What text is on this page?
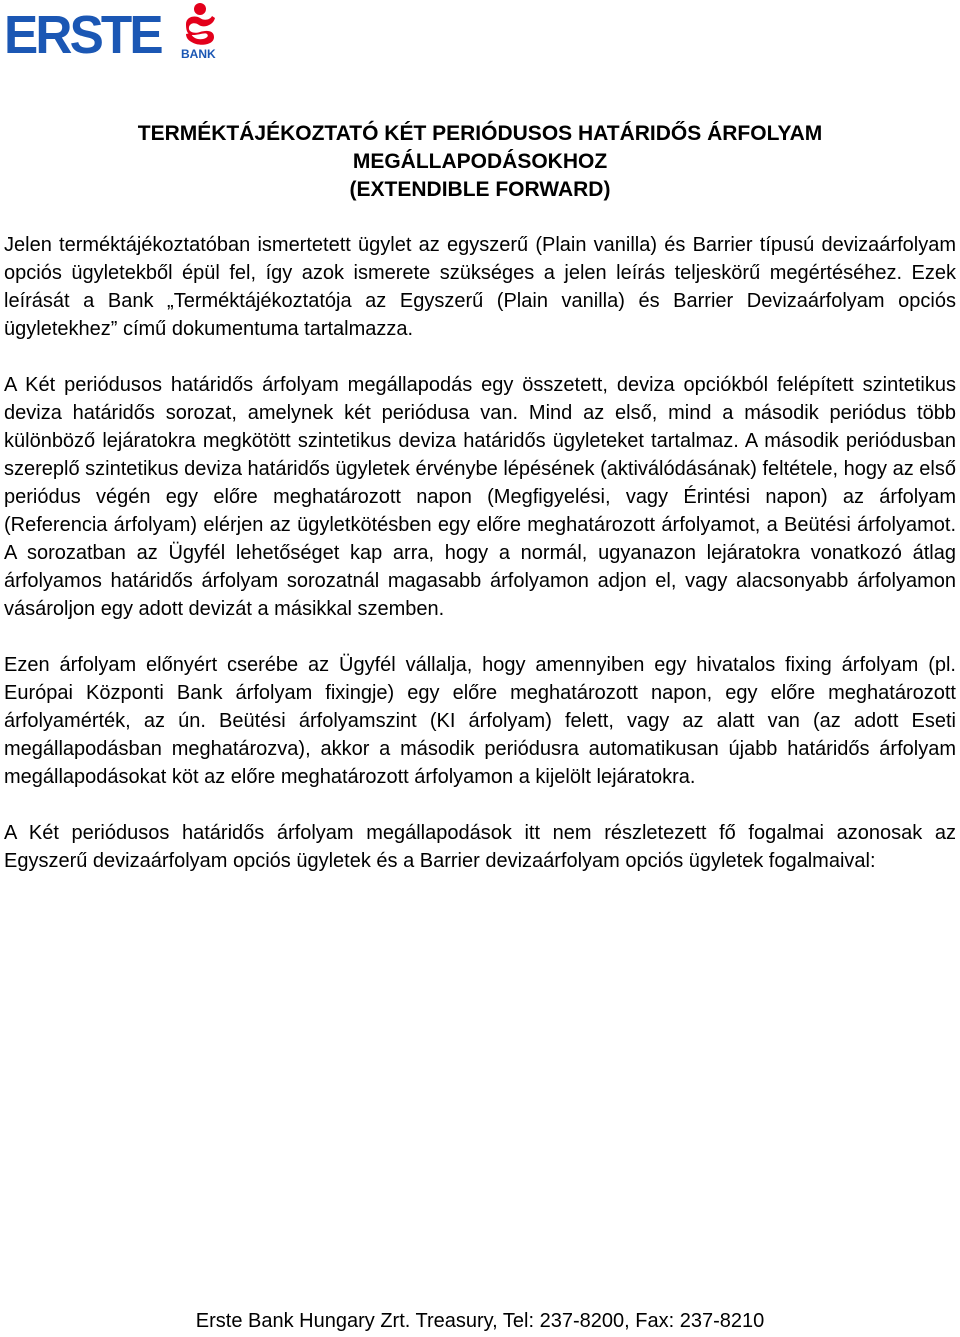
ERSTE BANK
TERMÉKTÁJÉKOZTATÓ KÉT PERIÓDUSOS HATÁRIDŐS ÁRFOLYAM
MEGÁLLAPODÁSOKHOZ
(EXTENDIBLE FORWARD)

Jelen terméktájékoztatóban ismertetett ügylet az egyszerű (Plain vanilla) és Barrier típusú devizaárfolyam opciós ügyletekből épül fel, így azok ismerete szükséges a jelen leírás teljeskörű megértéséhez. Ezek leírását a Bank „Terméktájékoztatója az Egyszerű (Plain vanilla) és Barrier Devizaárfolyam opciós ügyletekhez” című dokumentuma tartalmazza.

A Két periódusos határidős árfolyam megállapodás egy összetett, deviza opciókból felépített szintetikus deviza határidős sorozat, amelynek két periódusa van. Mind az első, mind a második periódus több különböző lejáratokra megkötött szintetikus deviza határidős ügyleteket tartalmaz. A második periódusban szereplő szintetikus deviza határidős ügyletek érvénybe lépésének (aktiválódásának) feltétele, hogy az első periódus végén egy előre meghatározott napon (Megfigyelési, vagy Érintési napon) az árfolyam (Referencia árfolyam) elérjen az ügyletkötésben egy előre meghatározott árfolyamot, a Beütési árfolyamot. A sorozatban az Ügyfél lehetőséget kap arra, hogy a normál, ugyanazon lejáratokra vonatkozó átlag árfolyamos határidős árfolyam sorozatnál magasabb árfolyamon adjon el, vagy alacsonyabb árfolyamon vásároljon egy adott devizát a másikkal szemben.

Ezen árfolyam előnyért cserébe az Ügyfél vállalja, hogy amennyiben egy hivatalos fixing árfolyam (pl. Európai Központi Bank árfolyam fixingje) egy előre meghatározott napon, egy előre meghatározott árfolyamérték, az ún. Beütési árfolyamszint (KI árfolyam) felett, vagy az alatt van (az adott Eseti megállapodásban meghatározva), akkor a második periódusra automatikusan újabb határidős árfolyam megállapodásokat köt az előre meghatározott árfolyamon a kijelölt lejáratokra.

A Két periódusos határidős árfolyam megállapodások itt nem részletezett fő fogalmai azonosak az Egyszerű devizaárfolyam opciós ügyletek és a Barrier devizaárfolyam opciós ügyletek fogalmaival:

Erste Bank Hungary Zrt. Treasury, Tel: 237-8200, Fax: 237-8210
